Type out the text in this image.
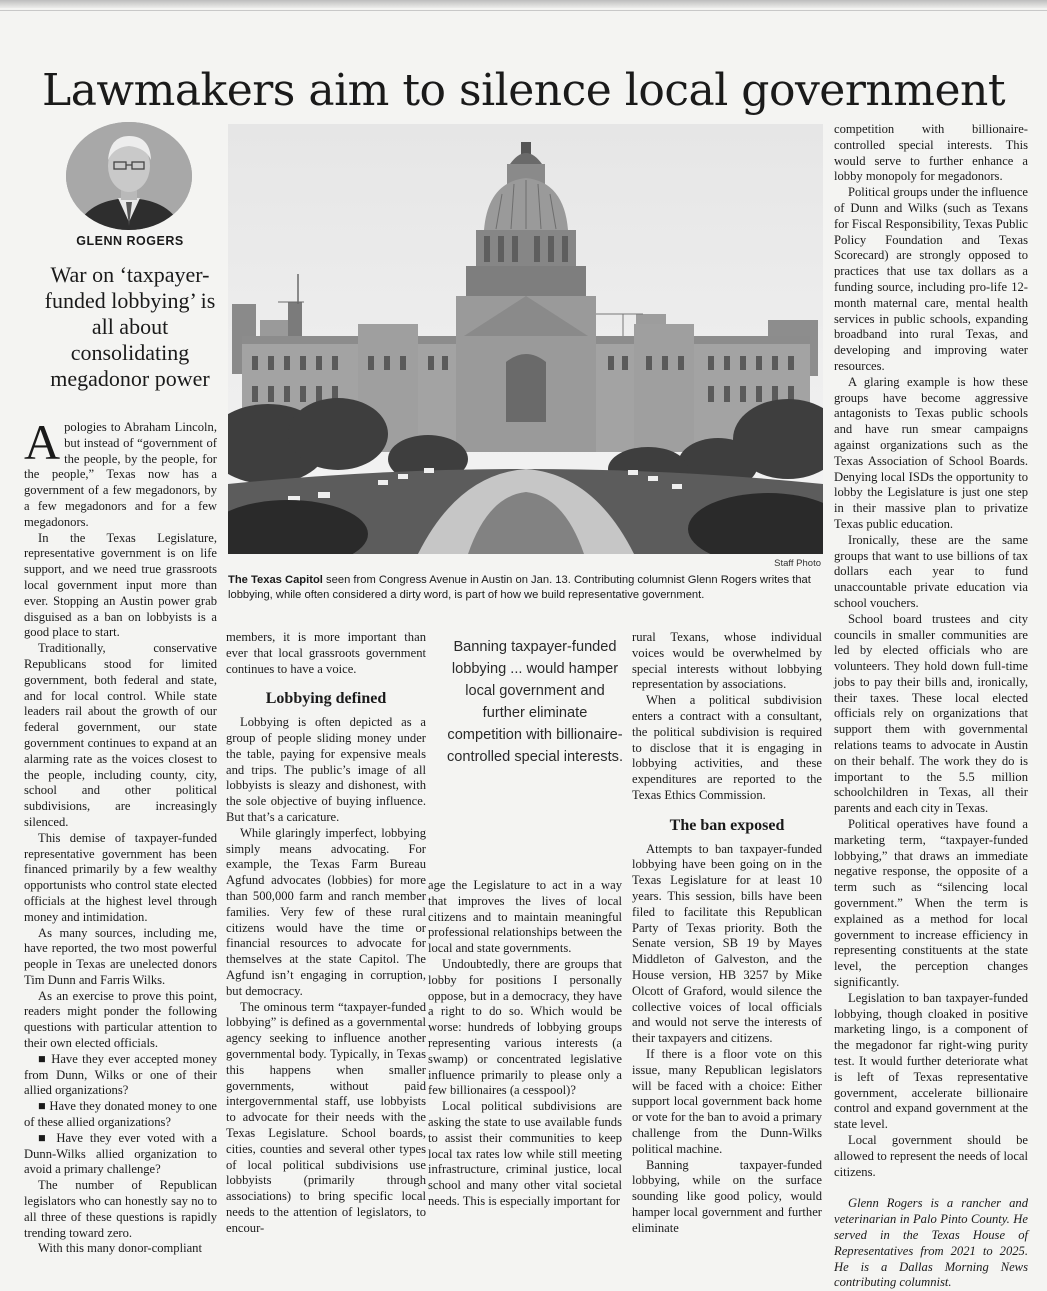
Lawmakers aim to silence local government
GLENN ROGERS

War on ‘taxpayer-funded lobbying’ is all about consolidating megadonor power

Staff Photo

The Texas Capitol seen from Congress Avenue in Austin on Jan. 13. Contributing columnist Glenn Rogers writes that lobbying, while often considered a dirty word, is part of how we build representative government.

Apologies to Abraham Lincoln, but instead of “government of the people, by the people, for the people,” Texas now has a government of a few megadonors, by a few megadonors and for a few megadonors.

In the Texas Legislature, representative government is on life support, and we need true grassroots local government input more than ever. Stopping an Austin power grab disguised as a ban on lobbyists is a good place to start.

Traditionally, conservative Republicans stood for limited government, both federal and state, and for local control. While state leaders rail about the growth of our federal government, our state government continues to expand at an alarming rate as the voices closest to the people, including county, city, school and other political subdivisions, are increasingly silenced.

This demise of taxpayer-funded representative government has been financed primarily by a few wealthy opportunists who control state elected officials at the highest level through money and intimidation.

As many sources, including me, have reported, the two most powerful people in Texas are unelected donors Tim Dunn and Farris Wilks.

As an exercise to prove this point, readers might ponder the following questions with particular attention to their own elected officials.

■ Have they ever accepted money from Dunn, Wilks or one of their allied organizations?

■ Have they donated money to one of these allied organizations?

■ Have they ever voted with a Dunn-Wilks allied organization to avoid a primary challenge?

The number of Republican legislators who can honestly say no to all three of these questions is rapidly trending toward zero.

With this many donor-compliant

members, it is more important than ever that local grassroots government continues to have a voice.

Lobbying defined

Lobbying is often depicted as a group of people sliding money under the table, paying for expensive meals and trips. The public’s image of all lobbyists is sleazy and dishonest, with the sole objective of buying influence. But that’s a caricature.

While glaringly imperfect, lobbying simply means advocating. For example, the Texas Farm Bureau Agfund advocates (lobbies) for more than 500,000 farm and ranch member families. Very few of these rural citizens would have the time or financial resources to advocate for themselves at the state Capitol. The Agfund isn’t engaging in corruption, but democracy.

The ominous term “taxpayer-funded lobbying” is defined as a governmental agency seeking to influence another governmental body. Typically, in Texas this happens when smaller governments, without paid intergovernmental staff, use lobbyists to advocate for their needs with the Texas Legislature. School boards, cities, counties and several other types of local political subdivisions use lobbyists (primarily through associations) to bring specific local needs to the attention of legislators, to encour-

Banning taxpayer-funded lobbying ... would hamper local government and further eliminate competition with billionaire-controlled special interests.

age the Legislature to act in a way that improves the lives of local citizens and to maintain meaningful professional relationships between the local and state governments.

Undoubtedly, there are groups that lobby for positions I personally oppose, but in a democracy, they have a right to do so. Which would be worse: hundreds of lobbying groups representing various interests (a swamp) or concentrated legislative influence primarily to please only a few billionaires (a cesspool)?

Local political subdivisions are asking the state to use available funds to assist their communities to keep local tax rates low while still meeting infrastructure, criminal justice, local school and many other vital societal needs. This is especially important for

rural Texans, whose individual voices would be overwhelmed by special interests without lobbying representation by associations.

When a political subdivision enters a contract with a consultant, the political subdivision is required to disclose that it is engaging in lobbying activities, and these expenditures are reported to the Texas Ethics Commission.

The ban exposed

Attempts to ban taxpayer-funded lobbying have been going on in the Texas Legislature for at least 10 years. This session, bills have been filed to facilitate this Republican Party of Texas priority. Both the Senate version, SB 19 by Mayes Middleton of Galveston, and the House version, HB 3257 by Mike Olcott of Graford, would silence the collective voices of local officials and would not serve the interests of their taxpayers and citizens.

If there is a floor vote on this issue, many Republican legislators will be faced with a choice: Either support local government back home or vote for the ban to avoid a primary challenge from the Dunn-Wilks political machine.

Banning taxpayer-funded lobbying, while on the surface sounding like good policy, would hamper local government and further eliminate

competition with billionaire-controlled special interests. This would serve to further enhance a lobby monopoly for megadonors.

Political groups under the influence of Dunn and Wilks (such as Texans for Fiscal Responsibility, Texas Public Policy Foundation and Texas Scorecard) are strongly opposed to practices that use tax dollars as a funding source, including pro-life 12-month maternal care, mental health services in public schools, expanding broadband into rural Texas, and developing and improving water resources.

A glaring example is how these groups have become aggressive antagonists to Texas public schools and have run smear campaigns against organizations such as the Texas Association of School Boards. Denying local ISDs the opportunity to lobby the Legislature is just one step in their massive plan to privatize Texas public education.

Ironically, these are the same groups that want to use billions of tax dollars each year to fund unaccountable private education via school vouchers.

School board trustees and city councils in smaller communities are led by elected officials who are volunteers. They hold down full-time jobs to pay their bills and, ironically, their taxes. These local elected officials rely on organizations that support them with governmental relations teams to advocate in Austin on their behalf. The work they do is important to the 5.5 million schoolchildren in Texas, all their parents and each city in Texas.

Political operatives have found a marketing term, “taxpayer-funded lobbying,” that draws an immediate negative response, the opposite of a term such as “silencing local government.” When the term is explained as a method for local government to increase efficiency in representing constituents at the state level, the perception changes significantly.

Legislation to ban taxpayer-funded lobbying, though cloaked in positive marketing lingo, is a component of the megadonor far right-wing purity test. It would further deteriorate what is left of Texas representative government, accelerate billionaire control and expand government at the state level.

Local government should be allowed to represent the needs of local citizens.

Glenn Rogers is a rancher and veterinarian in Palo Pinto County. He served in the Texas House of Representatives from 2021 to 2025. He is a Dallas Morning News contributing columnist.
